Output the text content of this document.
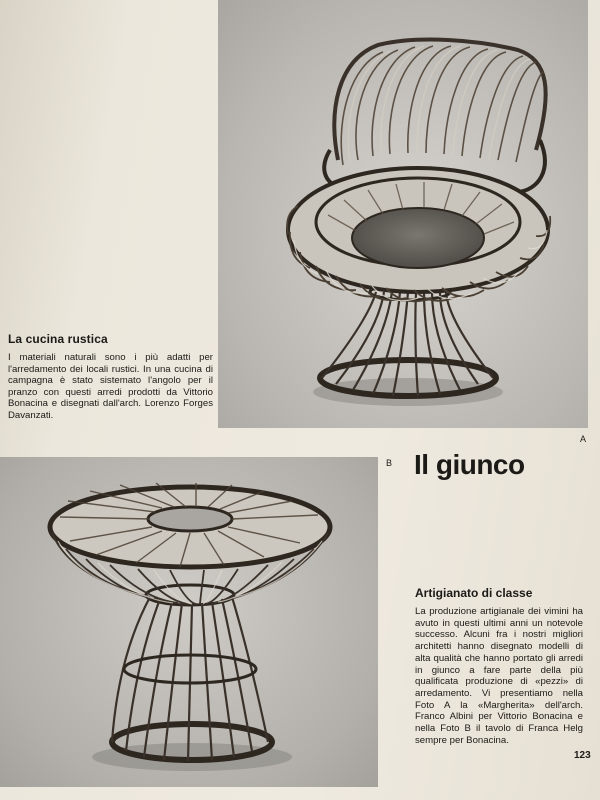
La cucina rustica
I materiali naturali sono i più adatti per l'arredamento dei locali rustici. In una cucina di campagna è stato sistemato l'angolo per il pranzo con questi arredi prodotti da Vittorio Bonacina e disegnati dall'arch. Lorenzo Forges Davanzati.
A
B Il giunco
Artigianato di classe
La produzione artigianale dei vimini ha avuto in questi ultimi anni un notevole successo. Alcuni fra i nostri migliori architetti hanno disegnato modelli di alta qualità che hanno portato gli arredi in giunco a fare parte della più qualificata produzione di «pezzi» di arredamento. Vi presentiamo nella Foto A la «Margherita» dell'arch. Franco Albini per Vittorio Bonacina e nella Foto B il tavolo di Franca Helg sempre per Bonacina.
123
